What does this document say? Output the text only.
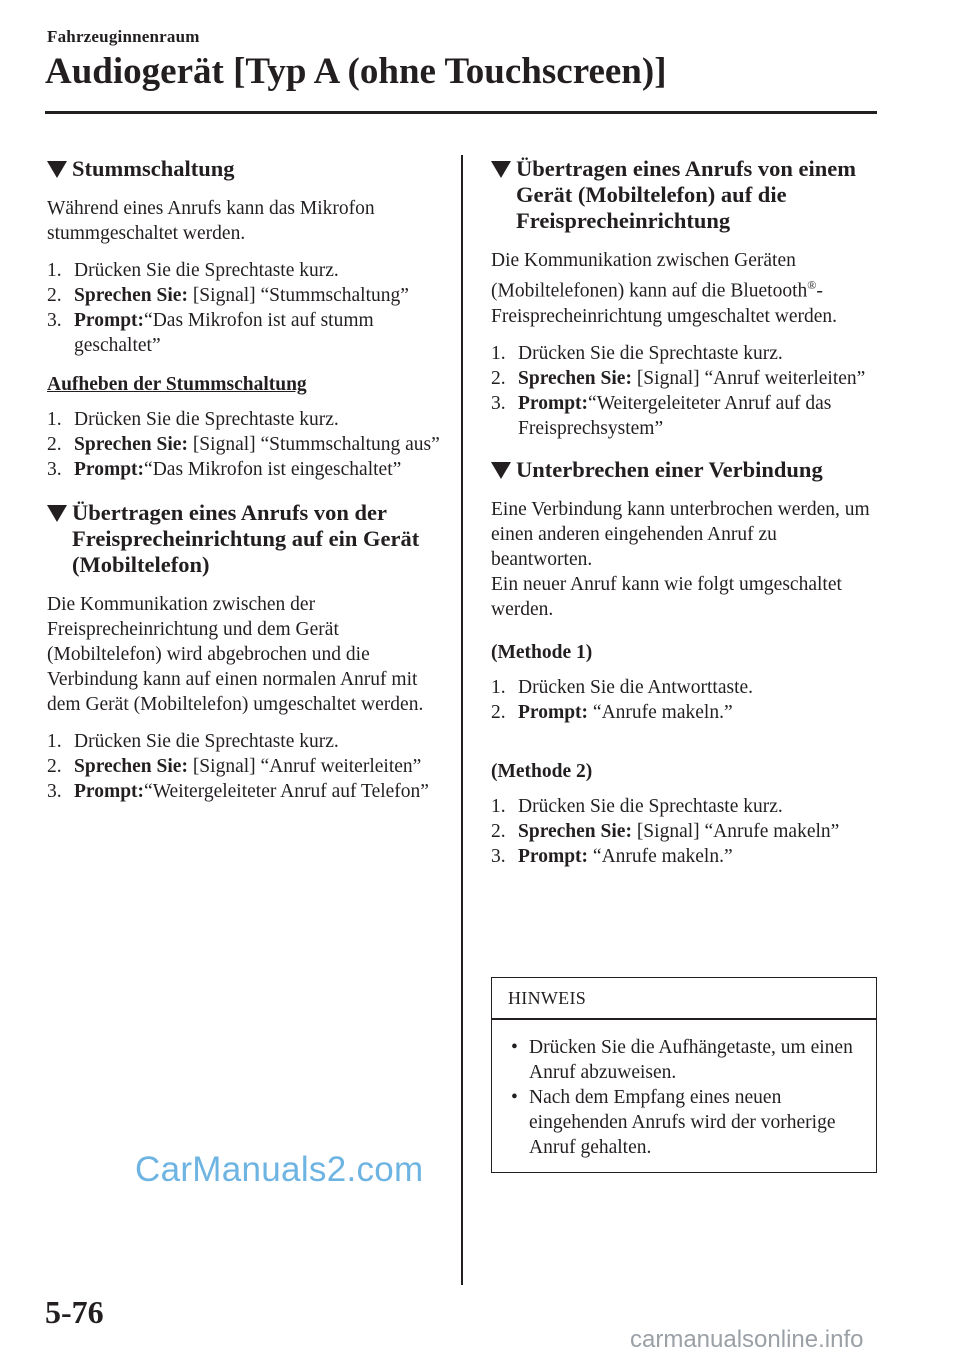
Fahrzeuginnenraum
Audiogerät [Typ A (ohne Touchscreen)]
Stummschaltung

Während eines Anrufs kann das Mikrofon stummgeschaltet werden.

1. Drücken Sie die Sprechtaste kurz.
2. Sprechen Sie: [Signal] “Stummschaltung”
3. Prompt:“Das Mikrofon ist auf stumm geschaltet”
Aufheben der Stummschaltung
1. Drücken Sie die Sprechtaste kurz.
2. Sprechen Sie: [Signal] “Stummschaltung aus”
3. Prompt:“Das Mikrofon ist eingeschaltet”
Übertragen eines Anrufs von der Freisprecheinrichtung auf ein Gerät (Mobiltelefon)

Die Kommunikation zwischen der Freisprecheinrichtung und dem Gerät (Mobiltelefon) wird abgebrochen und die Verbindung kann auf einen normalen Anruf mit dem Gerät (Mobiltelefon) umgeschaltet werden.

1. Drücken Sie die Sprechtaste kurz.
2. Sprechen Sie: [Signal] “Anruf weiterleiten”
3. Prompt:“Weitergeleiteter Anruf auf Telefon”
Übertragen eines Anrufs von einem Gerät (Mobiltelefon) auf die Freisprecheinrichtung

Die Kommunikation zwischen Geräten (Mobiltelefonen) kann auf die Bluetooth®-Freisprecheinrichtung umgeschaltet werden.

1. Drücken Sie die Sprechtaste kurz.
2. Sprechen Sie: [Signal] “Anruf weiterleiten”
3. Prompt:“Weitergeleiteter Anruf auf das Freisprechsystem”
Unterbrechen einer Verbindung

Eine Verbindung kann unterbrochen werden, um einen anderen eingehenden Anruf zu beantworten.

Ein neuer Anruf kann wie folgt umgeschaltet werden.

(Methode 1)
1. Drücken Sie die Antworttaste.
2. Prompt: “Anrufe makeln.”
(Methode 2)
1. Drücken Sie die Sprechtaste kurz.
2. Sprechen Sie: [Signal] “Anrufe makeln”
3. Prompt: “Anrufe makeln.”
HINWEIS
• Drücken Sie die Aufhängetaste, um einen Anruf abzuweisen.
• Nach dem Empfang eines neuen eingehenden Anrufs wird der vorherige Anruf gehalten.
CarManuals2.com
5-76
carmanualsonline.info
